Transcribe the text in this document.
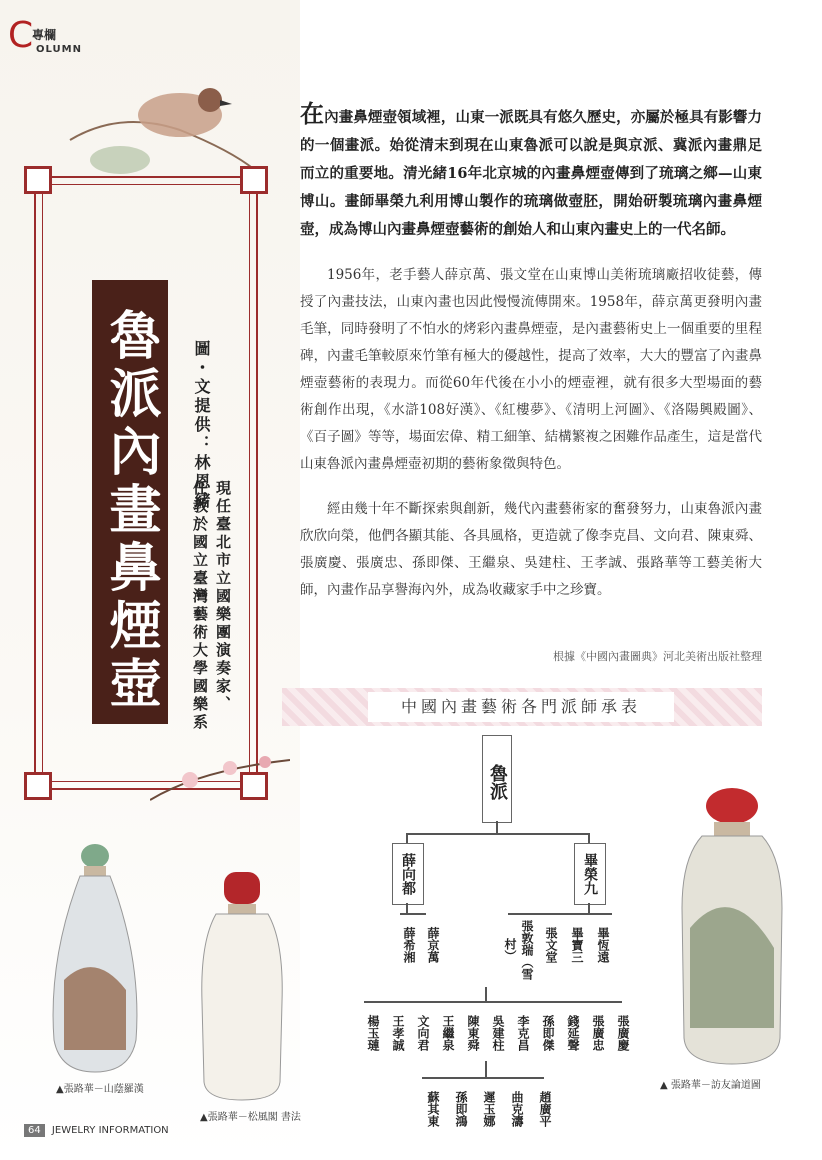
C
專欄
OLUMN
魯派內畫鼻煙壺 圖・文提供：林恩緒
現任臺北市立國樂團演奏家、
任教於國立臺灣藝術大學國樂系

在內畫鼻煙壺領域裡，山東一派既具有悠久歷史，亦屬於極具有影響力的一個畫派。始從清末到現在山東魯派可以說是與京派、冀派內畫鼎足而立的重要地。清光緒16年北京城的內畫鼻煙壺傳到了琉璃之鄉—山東博山。畫師畢榮九利用博山製作的琉璃做壺胚，開始研製琉璃內畫鼻煙壺，成為博山內畫鼻煙壺藝術的創始人和山東內畫史上的一代名師。

1956年，老手藝人薛京萬、張文堂在山東博山美術琉璃廠招收徒藝，傳授了內畫技法，山東內畫也因此慢慢流傳開來。1958年，薛京萬更發明內畫毛筆，同時發明了不怕水的烤彩內畫鼻煙壺，是內畫藝術史上一個重要的里程碑，內畫毛筆較原來竹筆有極大的優越性，提高了效率，大大的豐富了內畫鼻煙壺藝術的表現力。而從60年代後在小小的煙壺裡，就有很多大型場面的藝術創作出現，《水滸108好漢》、《紅樓夢》、《清明上河圖》、《洛陽興殿圖》、《百子圖》等等，場面宏偉、精工細筆、結構繁複之困難作品產生，這是當代山東魯派內畫鼻煙壺初期的藝術象徵與特色。

經由幾十年不斷探索與創新，幾代內畫藝術家的奮發努力，山東魯派內畫欣欣向榮，他們各顯其能、各具風格，更造就了像李克昌、文向君、陳東舜、張廣慶、張廣忠、孫即傑、王繼泉、吳建柱、王孝誠、張路華等工藝美術大師，內畫作品享譽海內外，成為收藏家手中之珍寶。

根據《中國內畫圖典》河北美術出版社整理
中國內畫藝術各門派師承表
魯派
薛向都	畢榮九
薛京萬
薛希湘	畢恆遠
畢寶三
張文堂
張敦瑞（雪村）
張廣慶
張廣忠
錢延聲
孫即傑
李克昌
吳建柱
陳東舜
王繼泉
文向君
王孝誠
楊玉璉
趙廣平
曲克濤
遲玉娜
孫即鴻
蘇其東
▲張路華－山蔭羅漢
▲張路華－松風閣 書法
▲ 張路華－訪友論道圖
64 JEWELRY INFORMATION
